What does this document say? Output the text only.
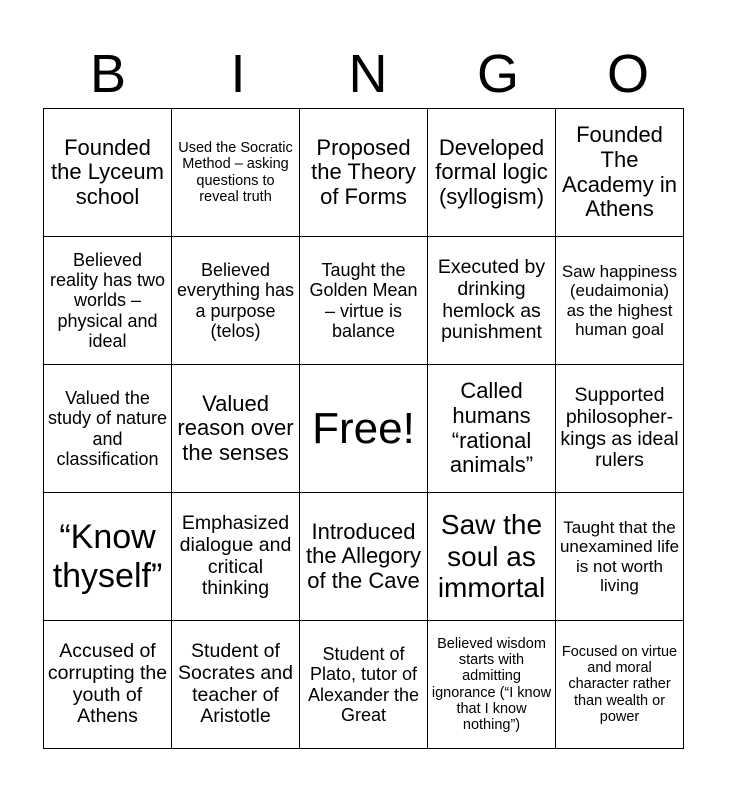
B	I	N	G	O
Founded the Lyceum school	Used the Socratic Method – asking questions to reveal truth	Proposed the Theory of Forms	Developed formal logic (syllogism)	Founded The Academy in Athens
Believed reality has two worlds – physical and ideal	Believed everything has a purpose (telos)	Taught the Golden Mean – virtue is balance	Executed by drinking hemlock as punishment	Saw happiness (eudaimonia) as the highest human goal
Valued the study of nature and classification	Valued reason over the senses	Free!	Called humans “rational animals”	Supported philosopher-kings as ideal rulers
“Know thyself”	Emphasized dialogue and critical thinking	Introduced the Allegory of the Cave	Saw the soul as immortal	Taught that the unexamined life is not worth living
Accused of corrupting the youth of Athens	Student of Socrates and teacher of Aristotle	Student of Plato, tutor of Alexander the Great	Believed wisdom starts with admitting ignorance (“I know that I know nothing”)	Focused on virtue and moral character rather than wealth or power
